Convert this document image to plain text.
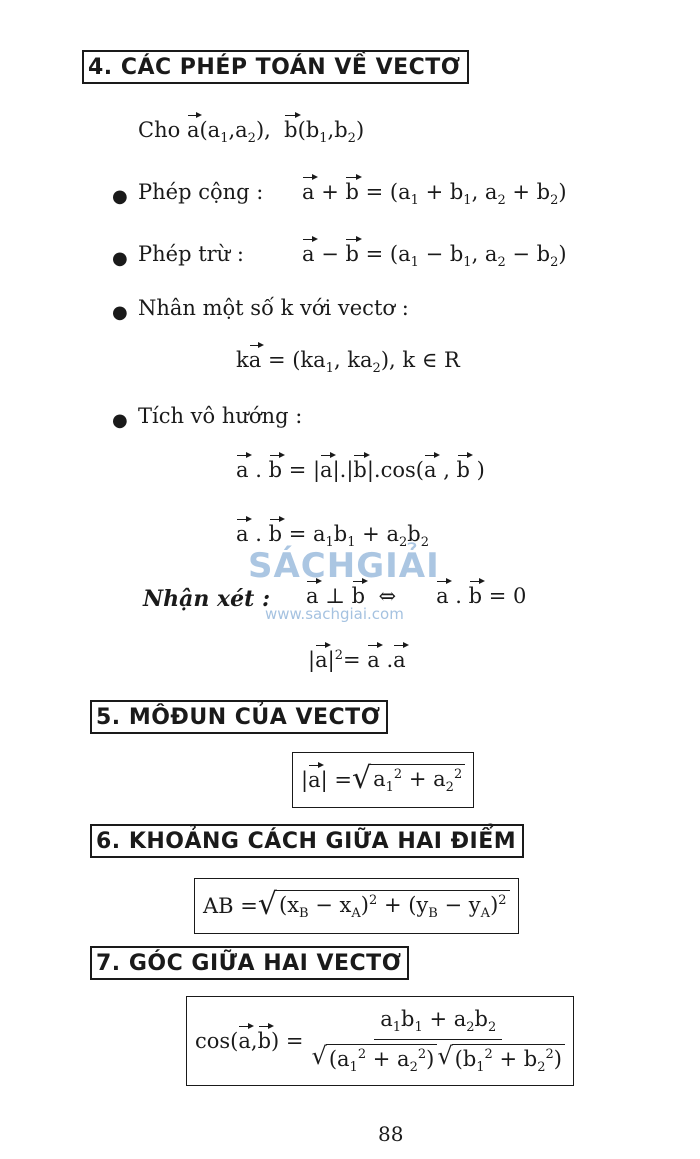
4. CÁC PHÉP TOÁN VỀ VECTƠ
Cho $a(a_1,a_2)$,  $b(b_1,b_2)$
● Phép cộng : $a + b = (a_1 + b_1$, $a_2 + b_2$)
● Phép trừ :	$a - b = (a_1 - b_1$, $a_2 - b_2$)
● Nhân một số k với vectơ :
ka = ($ka_1$, $ka_2$), k ∈ R
● Tích vô hướng :
a . b = |a|.|b|.cos(a , b )
a . $b = a_1b_1 + a_2b_2$
SÁCHGIẢI
www.sachgiai.com
Nhận xét : a ⊥ b  ⇔      a . b = 0
$|a|^2= a$ .a
5. MÔĐUN CỦA VECTƠ
| a | = √ $a_1^2 + a_2^2$
6. KHOẢNG CÁCH GIỮA HAI ĐIỂM
AB = √ $(x_B - x_A)^2 + (y_B - y_A)^2$
7. GÓC GIỮA HAI VECTƠ
cos( a , b ) = $\frac{a_1b_1 + a_2b_2}{√ (a_1^2 + a_2^2) √ (b_1^2 + b_2^2)}$
88
